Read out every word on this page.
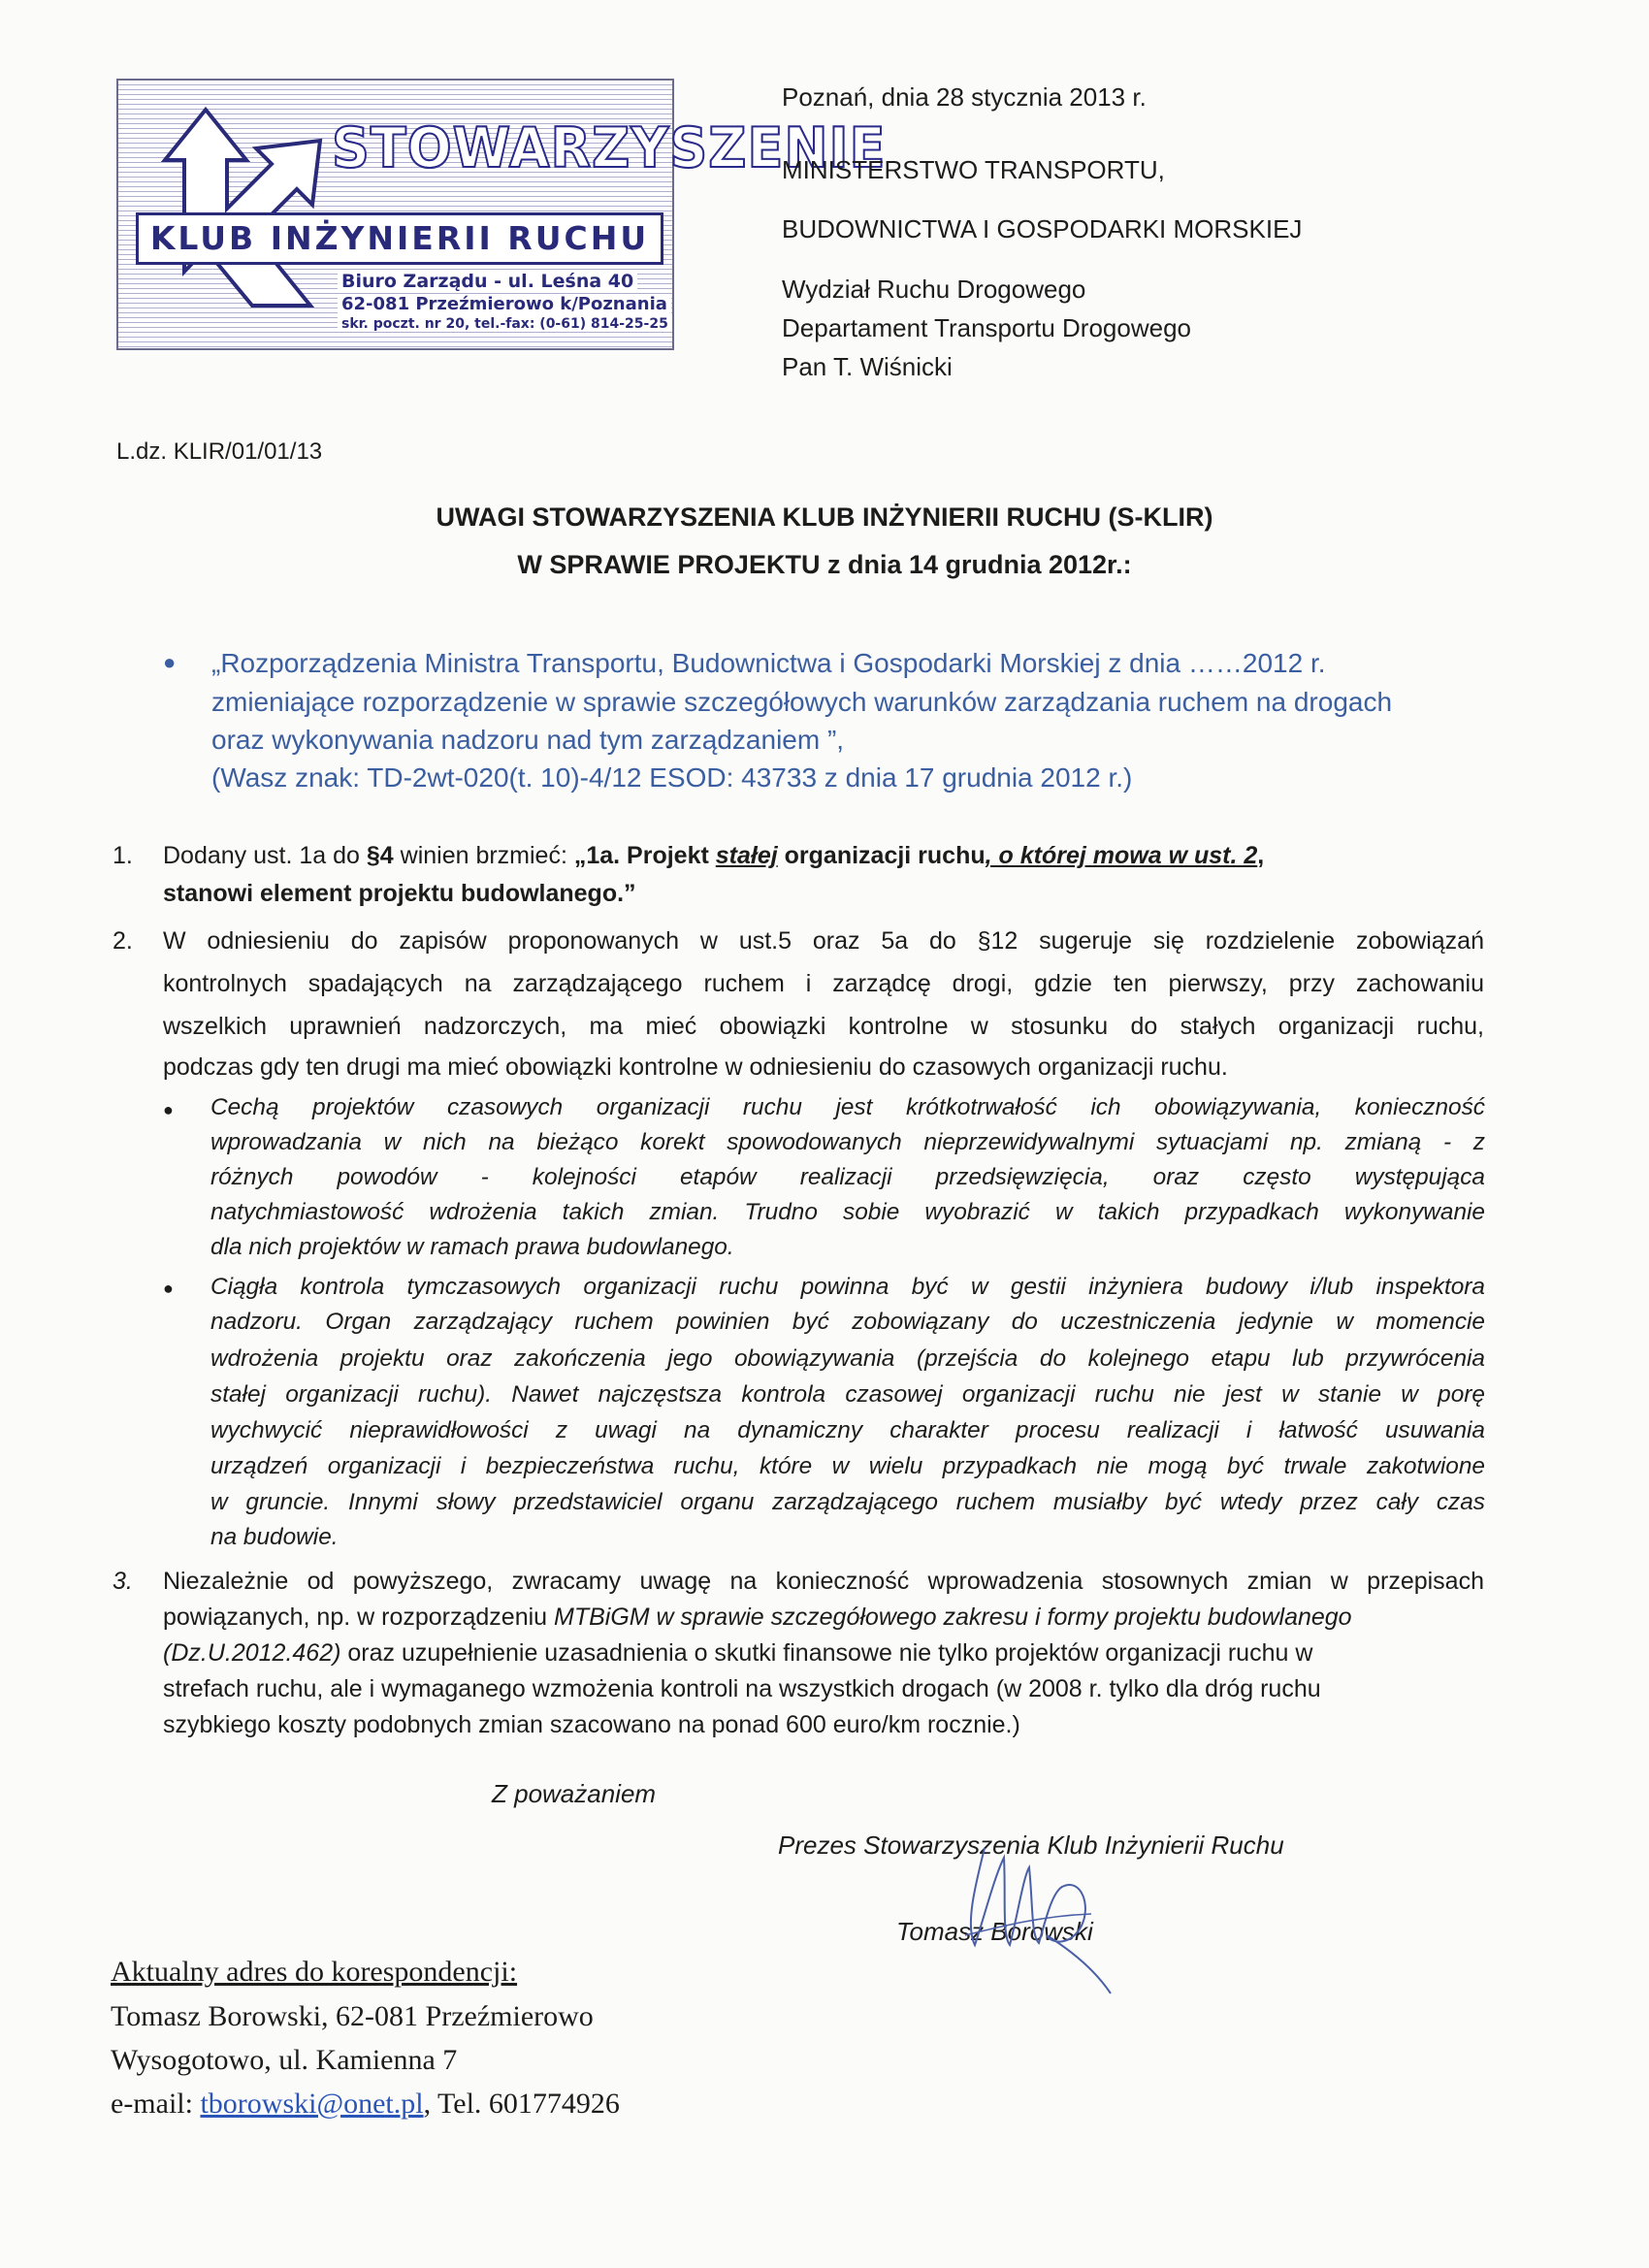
STOWARZYSZENIE
KLUB INŻYNIERII RUCHU
Biuro Zarządu - ul. Leśna 40
62-081 Przeźmierowo k/Poznania
skr. poczt. nr 20, tel.-fax: (0-61) 814-25-25
Poznań, dnia 28 stycznia 2013 r.
MINISTERSTWO TRANSPORTU,
BUDOWNICTWA I GOSPODARKI MORSKIEJ
Wydział Ruchu Drogowego
Departament Transportu Drogowego
Pan T. Wiśnicki
L.dz. KLIR/01/01/13
UWAGI STOWARZYSZENIA KLUB INŻYNIERII RUCHU (S-KLIR)
W SPRAWIE PROJEKTU z dnia 14 grudnia 2012r.:
● „Rozporządzenia Ministra Transportu, Budownictwa i Gospodarki Morskiej z dnia ……2012 r.
zmieniające rozporządzenie w sprawie szczegółowych warunków zarządzania ruchem na drogach
oraz wykonywania nadzoru nad tym zarządzaniem ”,
(Wasz znak: TD-2wt-020(t. 10)-4/12 ESOD: 43733 z dnia 17 grudnia 2012 r.)
1. Dodany ust. 1a do §4 winien brzmieć: „1a. Projekt stałej organizacji ruchu, o której mowa w ust. 2,
stanowi element projektu budowlanego.”
2. W odniesieniu do zapisów proponowanych w ust.5 oraz 5a do §12 sugeruje się rozdzielenie zobowiązań
kontrolnych spadających na zarządzającego ruchem i zarządcę drogi, gdzie ten pierwszy, przy zachowaniu
wszelkich uprawnień nadzorczych, ma mieć obowiązki kontrolne w stosunku do stałych organizacji ruchu,
podczas gdy ten drugi ma mieć obowiązki kontrolne w odniesieniu do czasowych organizacji ruchu.
● Cechą projektów czasowych organizacji ruchu jest krótkotrwałość ich obowiązywania, konieczność
wprowadzania w nich na bieżąco korekt spowodowanych nieprzewidywalnymi sytuacjami np. zmianą - z
różnych powodów - kolejności etapów realizacji przedsięwzięcia, oraz często występująca
natychmiastowość wdrożenia takich zmian. Trudno sobie wyobrazić w takich przypadkach wykonywanie
dla nich projektów w ramach prawa budowlanego.
● Ciągła kontrola tymczasowych organizacji ruchu powinna być w gestii inżyniera budowy i/lub inspektora
nadzoru. Organ zarządzający ruchem powinien być zobowiązany do uczestniczenia jedynie w momencie
wdrożenia projektu oraz zakończenia jego obowiązywania (przejścia do kolejnego etapu lub przywrócenia
stałej organizacji ruchu). Nawet najczęstsza kontrola czasowej organizacji ruchu nie jest w stanie w porę
wychwycić nieprawidłowości z uwagi na dynamiczny charakter procesu realizacji i łatwość usuwania
urządzeń organizacji i bezpieczeństwa ruchu, które w wielu przypadkach nie mogą być trwale zakotwione
w gruncie. Innymi słowy przedstawiciel organu zarządzającego ruchem musiałby być wtedy przez cały czas
na budowie.
3. Niezależnie od powyższego, zwracamy uwagę na konieczność wprowadzenia stosownych zmian w przepisach
powiązanych, np. w rozporządzeniu MTBiGM w sprawie szczegółowego zakresu i formy projektu budowlanego
(Dz.U.2012.462) oraz uzupełnienie uzasadnienia o skutki finansowe nie tylko projektów organizacji ruchu w
strefach ruchu, ale i wymaganego wzmożenia kontroli na wszystkich drogach (w 2008 r. tylko dla dróg ruchu
szybkiego koszty podobnych zmian szacowano na ponad 600 euro/km rocznie.)
Z poważaniem
Prezes Stowarzyszenia Klub Inżynierii Ruchu
Tomasz Borowski
Aktualny adres do korespondencji:
Tomasz Borowski, 62-081 Przeźmierowo
Wysogotowo, ul. Kamienna 7
e-mail: tborowski@onet.pl, Tel. 601774926
